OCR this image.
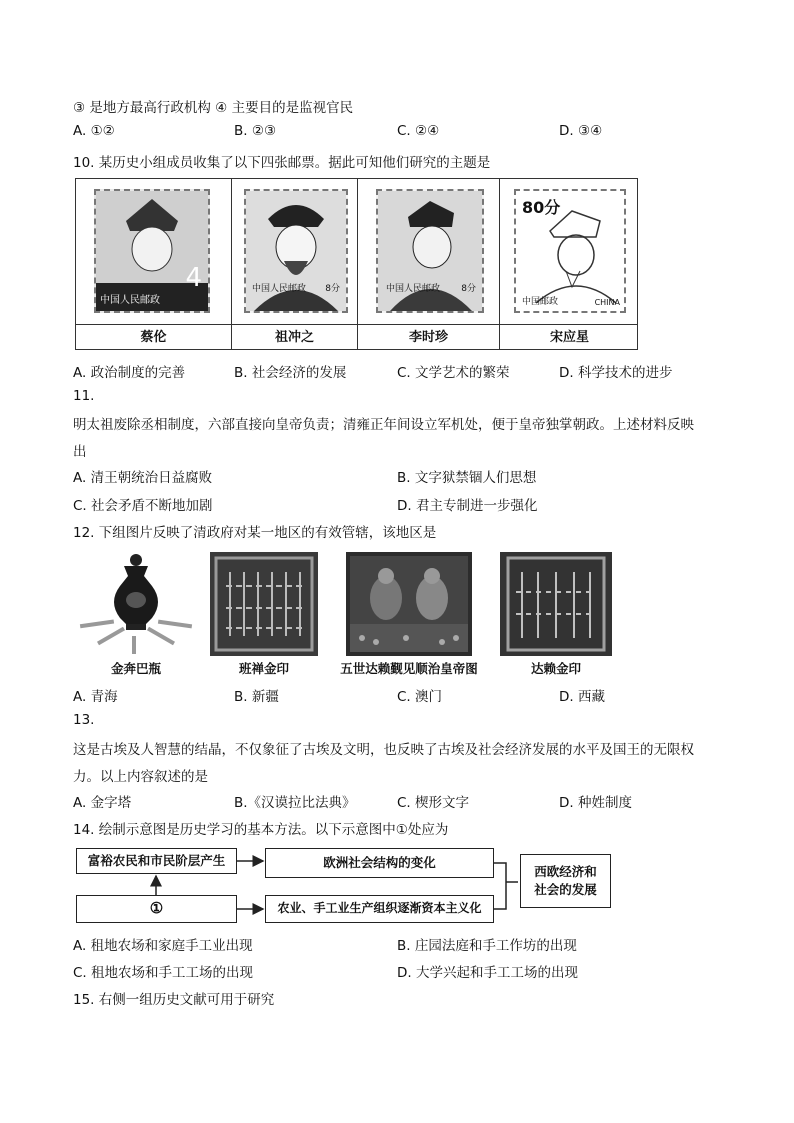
③ 是地方最高行政机构 ④ 主要目的是监视官民
A. ①②	B. ②③	C. ②④	D. ③④
10. 某历史小组成员收集了以下四张邮票。据此可知他们研究的主题是
中国人民邮政
4	中国人民邮政 8分	中国人民邮政 8分
80分
中国邮政	CHINA
蔡伦	祖冲之	李时珍	宋应星
A. 政治制度的完善	B. 社会经济的发展	C. 文学艺术的繁荣	D. 科学技术的进步
11.
明太祖废除丞相制度，六部直接向皇帝负责；清雍正年间设立军机处，便于皇帝独掌朝政。上述材料反映
出
A. 清王朝统治日益腐败	B. 文字狱禁锢人们思想
C. 社会矛盾不断地加剧	D. 君主专制进一步强化
12. 下组图片反映了清政府对某一地区的有效管辖，该地区是
金奔巴瓶	班禅金印	五世达赖觐见顺治皇帝图	达赖金印
A. 青海	B. 新疆	C. 澳门	D. 西藏
13.
这是古埃及人智慧的结晶，不仅象征了古埃及文明，也反映了古埃及社会经济发展的水平及国王的无限权
力。以上内容叙述的是
A. 金字塔	B.《汉谟拉比法典》	C. 楔形文字	D. 种姓制度
14. 绘制示意图是历史学习的基本方法。以下示意图中①处应为
富裕农民和市民阶层产生	欧洲社会结构的变化
①	农业、手工业生产组织逐渐资本主义化
西欧经济和
社会的发展
A. 租地农场和家庭手工业出现	B. 庄园法庭和手工作坊的出现
C. 租地农场和手工工场的出现	D. 大学兴起和手工工场的出现
15. 右侧一组历史文献可用于研究
